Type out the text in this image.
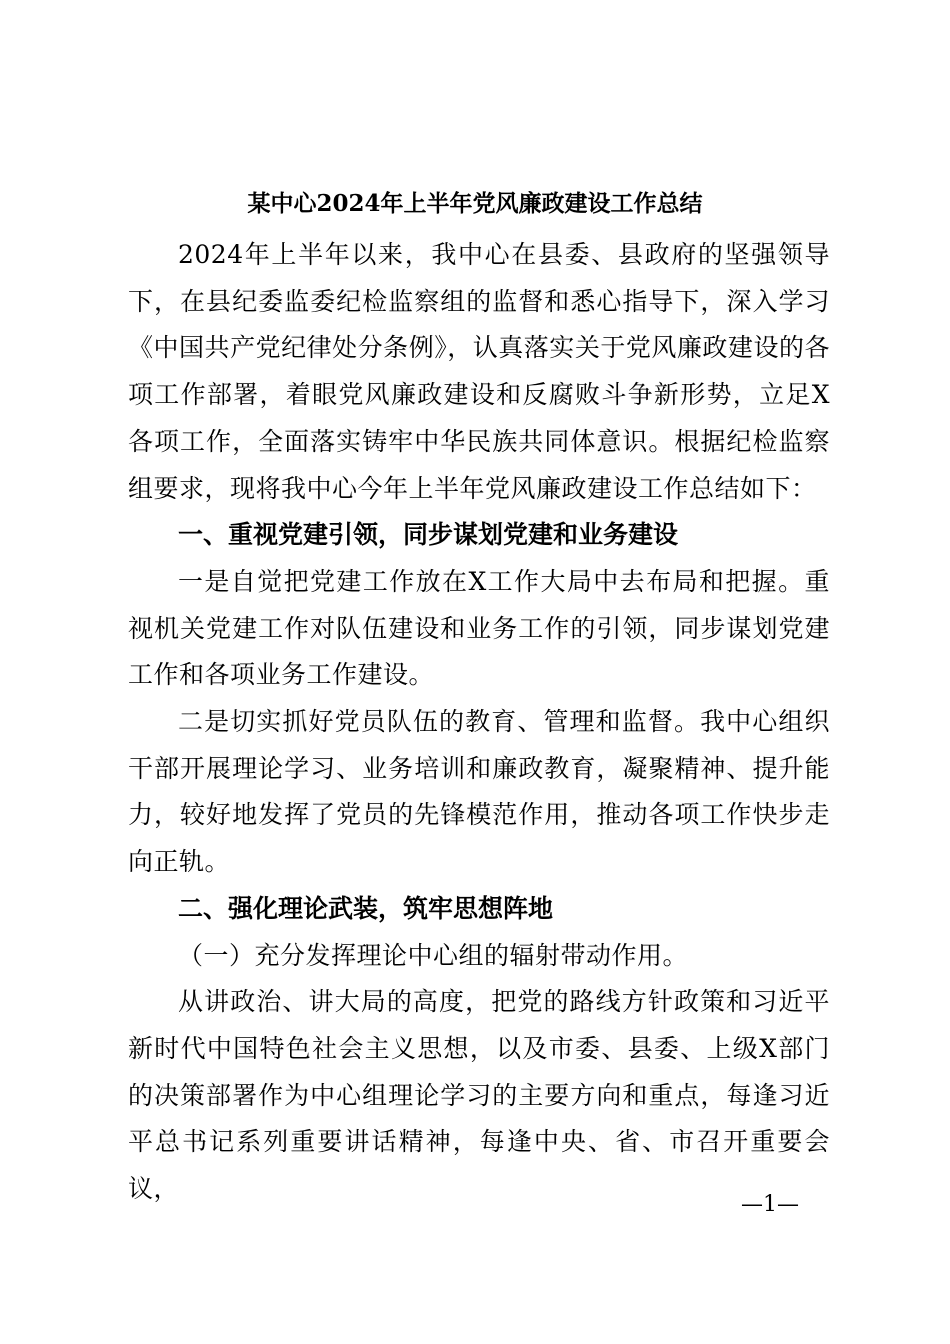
某中心2024年上半年党风廉政建设工作总结

2024年上半年以来，我中心在县委、县政府的坚强领导下，在县纪委监委纪检监察组的监督和悉心指导下，深入学习《中国共产党纪律处分条例》，认真落实关于党风廉政建设的各项工作部署，着眼党风廉政建设和反腐败斗争新形势，立足X各项工作，全面落实铸牢中华民族共同体意识。根据纪检监察组要求，现将我中心今年上半年党风廉政建设工作总结如下：

一、重视党建引领，同步谋划党建和业务建设

一是自觉把党建工作放在X工作大局中去布局和把握。重视机关党建工作对队伍建设和业务工作的引领，同步谋划党建工作和各项业务工作建设。

二是切实抓好党员队伍的教育、管理和监督。我中心组织干部开展理论学习、业务培训和廉政教育，凝聚精神、提升能力，较好地发挥了党员的先锋模范作用，推动各项工作快步走向正轨。

二、强化理论武装，筑牢思想阵地

（一）充分发挥理论中心组的辐射带动作用。

从讲政治、讲大局的高度，把党的路线方针政策和习近平新时代中国特色社会主义思想，以及市委、县委、上级X部门的决策部署作为中心组理论学习的主要方向和重点，每逢习近平总书记系列重要讲话精神，每逢中央、省、市召开重要会议，

—1—
